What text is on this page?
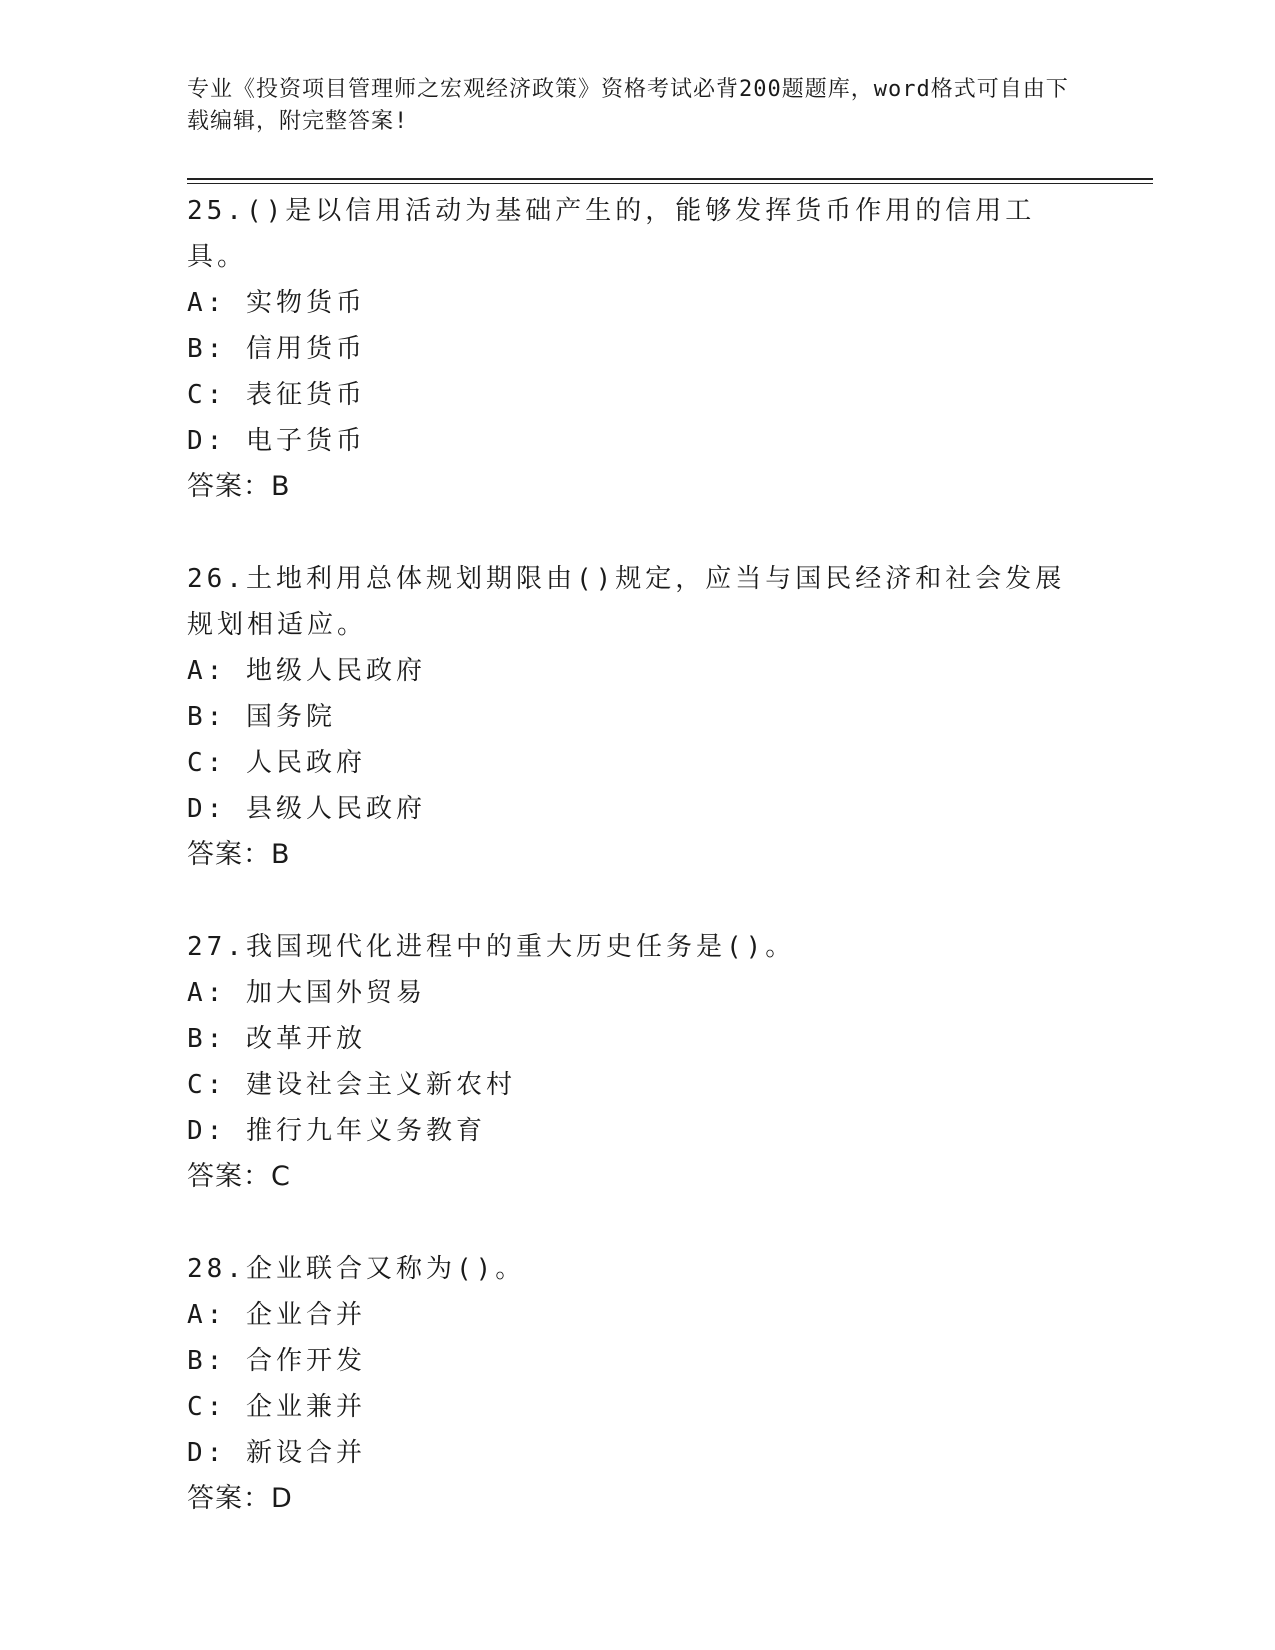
专业《投资项目管理师之宏观经济政策》资格考试必背200题题库，word格式可自由下载编辑，附完整答案!

25.()是以信用活动为基础产生的，能够发挥货币作用的信用工具。

A: 实物货币

B: 信用货币

C: 表征货币

D: 电子货币

答案：B

26.土地利用总体规划期限由()规定，应当与国民经济和社会发展规划相适应。

A: 地级人民政府

B: 国务院

C: 人民政府

D: 县级人民政府

答案：B

27.我国现代化进程中的重大历史任务是()。

A: 加大国外贸易

B: 改革开放

C: 建设社会主义新农村

D: 推行九年义务教育

答案：C

28.企业联合又称为()。

A: 企业合并

B: 合作开发

C: 企业兼并

D: 新设合并

答案：D
